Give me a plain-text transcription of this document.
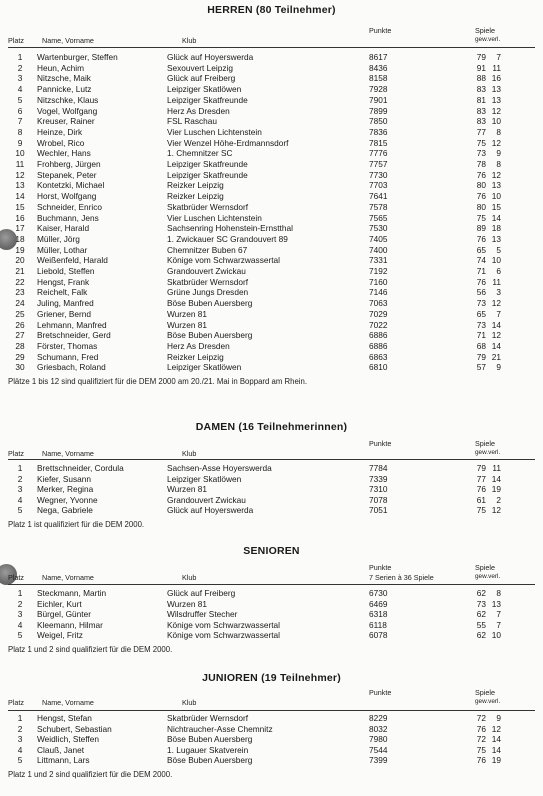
HERREN (80 Teilnehmer)
Platz	Name, Vorname	Klub
Punkte	Spiele
gew.verl.
1	Wartenburger, Steffen	Glück auf Hoyerswerda	8617	79	7
2	Heun, Achim	Sexouvert Leipzig	8436	91 11
3	Nitzsche, Maik	Glück auf Freiberg	8158	88 16
4	Pannicke, Lutz	Leipziger Skatlöwen	7928	83 13
5	Nitzschke, Klaus	Leipziger Skatfreunde	7901	81 13
6	Vogel, Wolfgang	Herz As Dresden	7899	83 12
7	Kreuser, Rainer	FSL Raschau	7850	83 10
8	Heinze, Dirk	Vier Luschen Lichtenstein	7836	77	8
9	Wrobel, Rico	Vier Wenzel Höhe-Erdmannsdorf	7815	75 12
10	Wechler, Hans	1. Chemnitzer SC	7776	73	9
11	Frohberg, Jürgen	Leipziger Skatfreunde	7757	78	8
12	Stepanek, Peter	Leipziger Skatfreunde	7730	76 12
13	Kontetzki, Michael	Reizker Leipzig	7703	80 13
14	Horst, Wolfgang	Reizker Leipzig	7641	76 10
15	Schneider, Enrico	Skatbrüder Wernsdorf	7578	80 15
16	Buchmann, Jens	Vier Luschen Lichtenstein	7565	75 14
17	Kaiser, Harald	Sachsenring Hohenstein-Ernstthal	7530	89 18
18	Müller, Jörg	1. Zwickauer SC Grandouvert 89	7405	76 13
19	Müller, Lothar	Chemnitzer Buben 67	7400	65	5
20	Weißenfeld, Harald	Könige vom Schwarzwassertal	7331	74 10
21	Liebold, Steffen	Grandouvert Zwickau	7192	71	6
22	Hengst, Frank	Skatbrüder Wernsdorf	7160	76 11
23	Reichelt, Falk	Grüne Jungs Dresden	7146	56	3
24	Juling, Manfred	Böse Buben Auersberg	7063	73 12
25	Griener, Bernd	Wurzen 81	7029	65	7
26	Lehmann, Manfred	Wurzen 81	7022	73 14
27	Bretschneider, Gerd	Böse Buben Auersberg	6886	71 12
28	Förster, Thomas	Herz As Dresden	6886	68 14
29	Schumann, Fred	Reizker Leipzig	6863	79 21
30	Griesbach, Roland	Leipziger Skatlöwen	6810	57	9
Plätze 1 bis 12 sind qualifiziert für die DEM 2000 am 20./21. Mai in Boppard am Rhein.
DAMEN (16 Teilnehmerinnen)
Platz	Name, Vorname	Klub
Punkte	Spiele
gew.verl.
1	Brettschneider, Cordula	Sachsen-Asse Hoyerswerda	7784	79 11
2	Kiefer, Susann	Leipziger Skatlöwen	7339	77 14
3	Merker, Regina	Wurzen 81	7310	76 19
4	Wegner, Yvonne	Grandouvert Zwickau	7078	61	2
5	Nega, Gabriele	Glück auf Hoyerswerda	7051	75 12
Platz 1 ist qualifiziert für die DEM 2000.
SENIOREN
Platz	Name, Vorname	Klub
Punkte
7 Serien à 36 Spiele
Spiele
gew.verl.
1	Steckmann, Martin	Glück auf Freiberg	6730	62	8
2	Eichler, Kurt	Wurzen 81	6469	73 13
3	Bürgel, Günter	Wilsdruffer Stecher	6318	62	7
4	Kleemann, Hilmar	Könige vom Schwarzwassertal	6118	55	7
5	Weigel, Fritz	Könige vom Schwarzwassertal	6078	62 10
Platz 1 und 2 sind qualifiziert für die DEM 2000.
JUNIOREN (19 Teilnehmer)
Platz	Name, Vorname	Klub
Punkte	Spiele
gew.verl.
1	Hengst, Stefan	Skatbrüder Wernsdorf	8229	72	9
2	Schubert, Sebastian	Nichtraucher-Asse Chemnitz	8032	76 12
3	Weidlich, Steffen	Böse Buben Auersberg	7980	72 14
4	Clauß, Janet	1. Lugauer Skatverein	7544	75 14
5	Littmann, Lars	Böse Buben Auersberg	7399	76 19
Platz 1 und 2 sind qualifiziert für die DEM 2000.
